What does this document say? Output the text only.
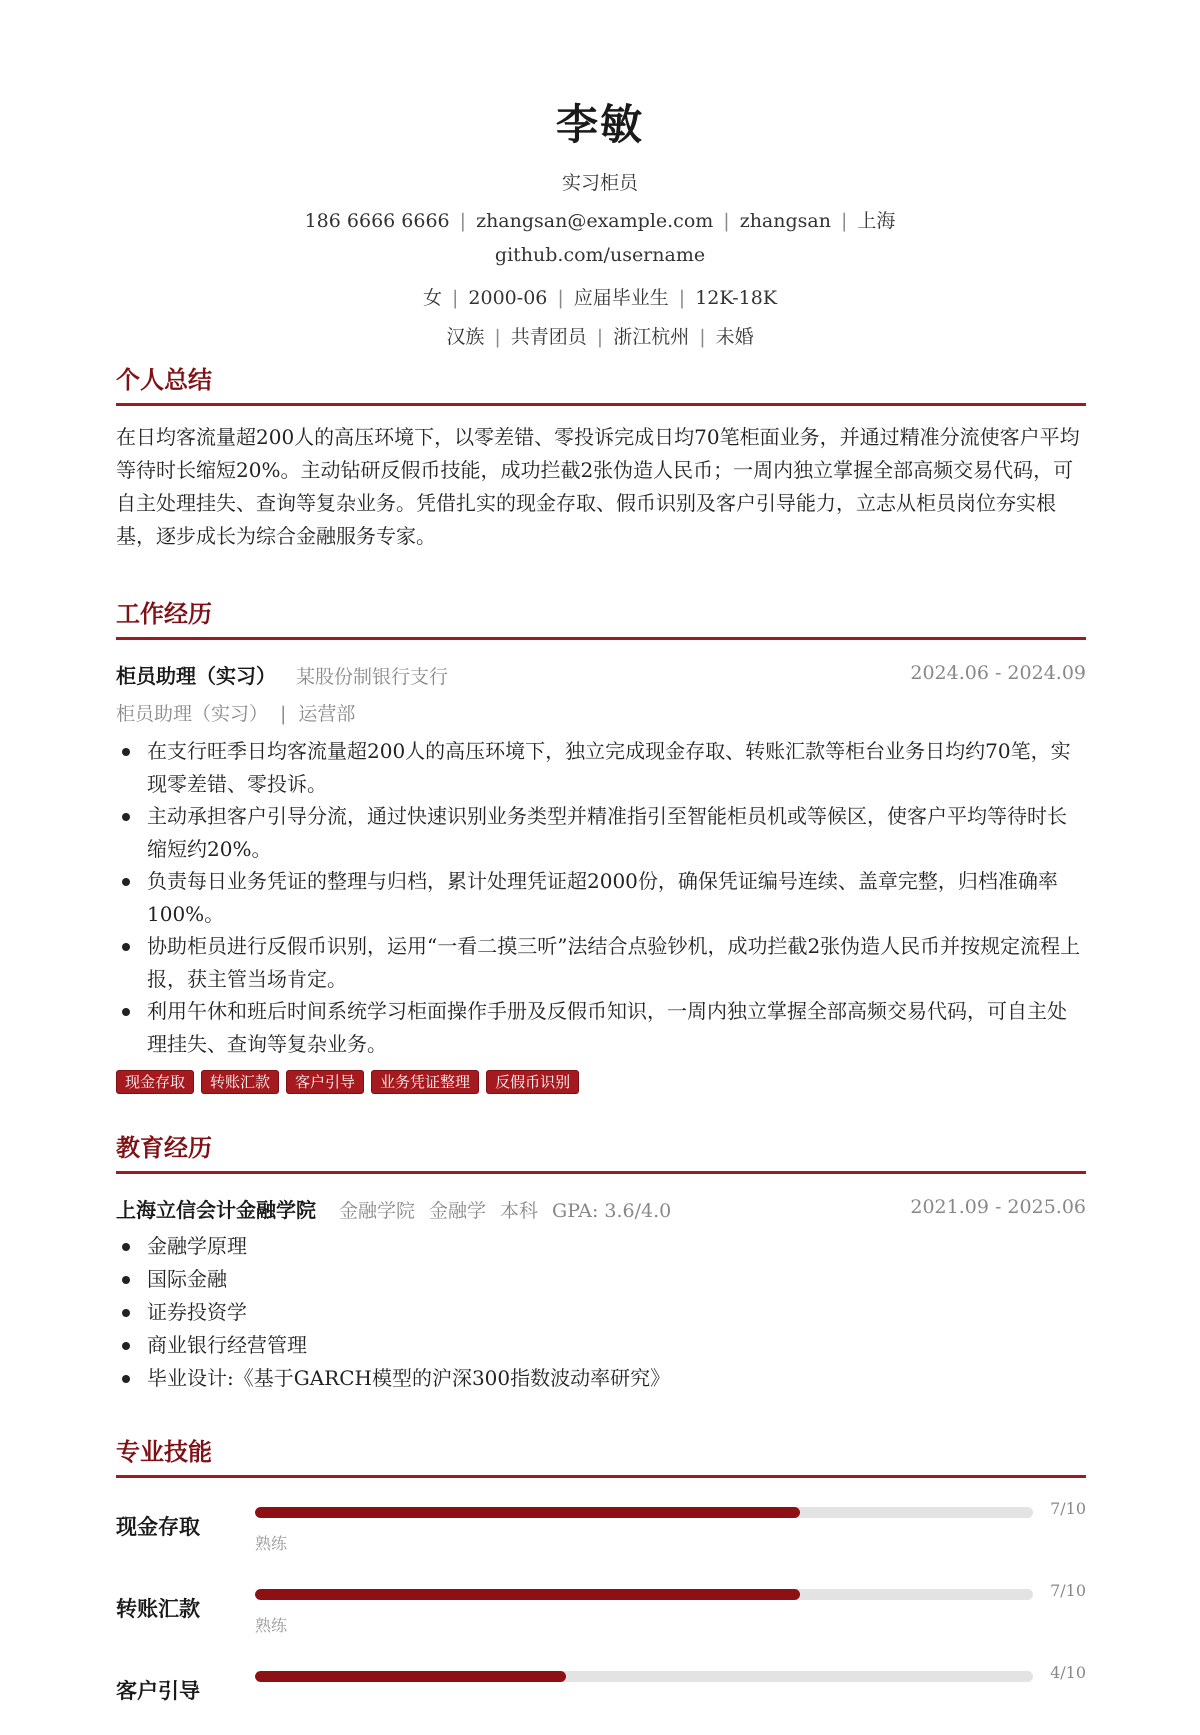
李敏
实习柜员
186 6666 6666 | zhangsan@example.com | zhangsan | 上海
github.com/username
女 | 2000-06 | 应届毕业生 | 12K-18K
汉族 | 共青团员 | 浙江杭州 | 未婚
个人总结
在日均客流量超200人的高压环境下，以零差错、零投诉完成日均70笔柜面业务，并通过精准分流使客户平均等待时长缩短20%。主动钻研反假币技能，成功拦截2张伪造人民币；一周内独立掌握全部高频交易代码，可自主处理挂失、查询等复杂业务。凭借扎实的现金存取、假币识别及客户引导能力，立志从柜员岗位夯实根基，逐步成长为综合金融服务专家。
工作经历
柜员助理（实习） 某股份制银行支行	2024.06 - 2024.09
柜员助理（实习） | 运营部
在支行旺季日均客流量超200人的高压环境下，独立完成现金存取、转账汇款等柜台业务日均约70笔，实现零差错、零投诉。
主动承担客户引导分流，通过快速识别业务类型并精准指引至智能柜员机或等候区，使客户平均等待时长缩短约20%。
负责每日业务凭证的整理与归档，累计处理凭证超2000份，确保凭证编号连续、盖章完整，归档准确率100%。
协助柜员进行反假币识别，运用“一看二摸三听”法结合点验钞机，成功拦截2张伪造人民币并按规定流程上报，获主管当场肯定。
利用午休和班后时间系统学习柜面操作手册及反假币知识，一周内独立掌握全部高频交易代码，可自主处理挂失、查询等复杂业务。
现金存取	转账汇款	客户引导	业务凭证整理	反假币识别
教育经历
上海立信会计金融学院 金融学院 金融学 本科 GPA: 3.6/4.0	2021.09 - 2025.06
金融学原理
国际金融
证券投资学
商业银行经营管理
毕业设计:《基于GARCH模型的沪深300指数波动率研究》
专业技能
现金存取
7/10
熟练
转账汇款
7/10
熟练
客户引导
4/10
